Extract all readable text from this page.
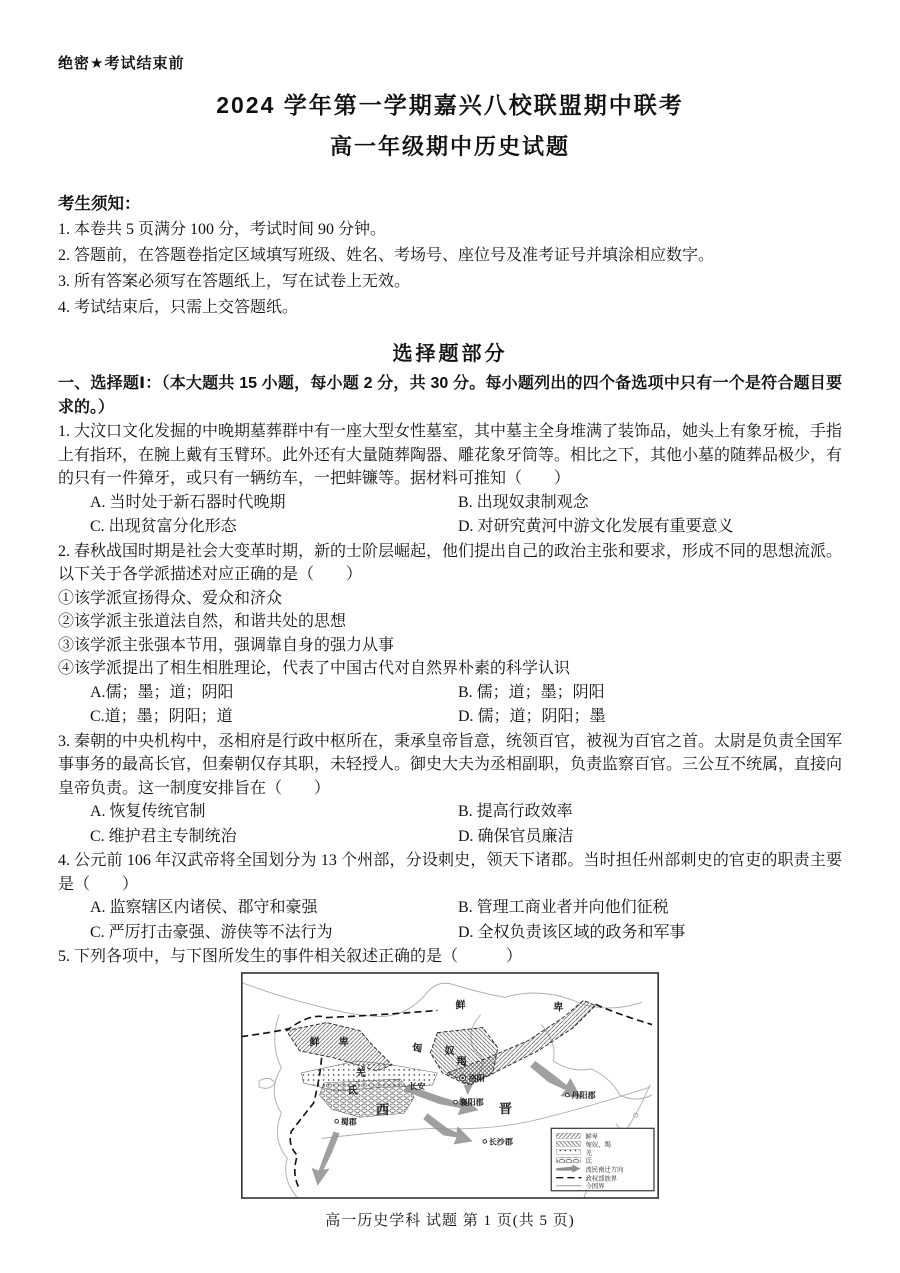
绝密★考试结束前
2024 学年第一学期嘉兴八校联盟期中联考
高一年级期中历史试题
考生须知：
1. 本卷共 5 页满分 100 分，考试时间 90 分钟。
2. 答题前，在答题卷指定区域填写班级、姓名、考场号、座位号及准考证号并填涂相应数字。
3. 所有答案必须写在答题纸上，写在试卷上无效。
4. 考试结束后，只需上交答题纸。
选择题部分

一、选择题Ⅰ：（本大题共 15 小题，每小题 2 分，共 30 分。每小题列出的四个备选项中只有一个是符合题目要求的。）

1. 大汶口文化发掘的中晚期墓葬群中有一座大型女性墓室，其中墓主全身堆满了装饰品，她头上有象牙梳，手指上有指环，在腕上戴有玉臂环。此外还有大量随葬陶器、雕花象牙筒等。相比之下，其他小墓的随葬品极少，有的只有一件獐牙，或只有一辆纺车，一把蚌镰等。据材料可推知（　　）

A. 当时处于新石器时代晚期	B. 出现奴隶制观念
C. 出现贫富分化形态	D. 对研究黄河中游文化发展有重要意义

2. 春秋战国时期是社会大变革时期，新的士阶层崛起，他们提出自己的政治主张和要求，形成不同的思想流派。以下关于各学派描述对应正确的是（　　）

①该学派宣扬得众、爱众和济众
②该学派主张道法自然，和谐共处的思想
③该学派主张强本节用，强调靠自身的强力从事
④该学派提出了相生相胜理论，代表了中国古代对自然界朴素的科学认识
A.儒；墨；道；阴阳	B. 儒；道；墨；阴阳
C.道；墨；阴阳；道	D. 儒；道；阴阳；墨

3. 秦朝的中央机构中，丞相府是行政中枢所在，秉承皇帝旨意，统领百官，被视为百官之首。太尉是负责全国军事事务的最高长官，但秦朝仅存其职，未轻授人。御史大夫为丞相副职，负责监察百官。三公互不统属，直接向皇帝负责。这一制度安排旨在（　　）

A. 恢复传统官制	B. 提高行政效率
C. 维护君主专制统治	D. 确保官员廉洁

4. 公元前 106 年汉武帝将全国划分为 13 个州部，分设刺史，领天下诸郡。当时担任州部刺史的官吏的职责主要是（　　）

A. 监察辖区内诸侯、郡守和豪强	B. 管理工商业者并向他们征税
C. 严厉打击豪强、游侠等不法行为	D. 全权负责该区域的政务和军事

5. 下列各项中，与下图所发生的事件相关叙述正确的是（　　　）

鲜 卑
鲜	卑
匈 奴
羯
羌
氐
西	晋
洛阳
长安
襄阳郡
丹阳郡
蜀郡
长沙郡
鲜卑
匈奴、羯
羌
氐
流民南迁方向
政权部族界
今国界
高一历史学科 试题 第 1 页(共 5 页)
